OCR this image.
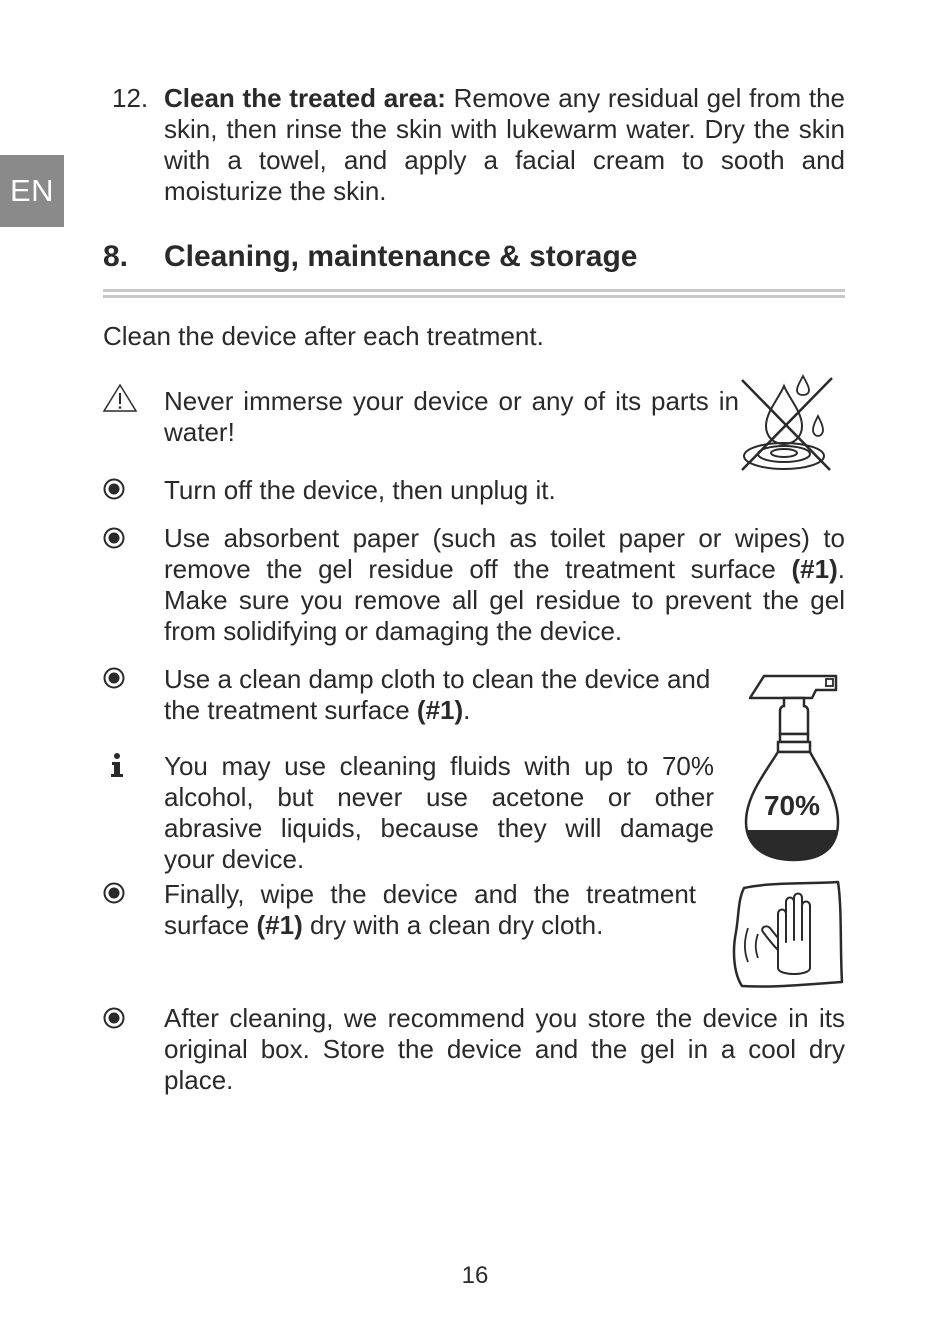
EN
12. Clean the treated area: Remove any residual gel from the skin, then rinse the skin with lukewarm water. Dry the skin with a towel, and apply a facial cream to sooth and moisturize the skin.
8. Cleaning, maintenance & storage
Clean the device after each treatment.
Never immerse your device or any of its parts in water!
Turn off the device, then unplug it.
Use absorbent paper (such as toilet paper or wipes) to remove the gel residue off the treatment surface (#1). Make sure you remove all gel residue to prevent the gel from solidifying or damaging the device.
Use a clean damp cloth to clean the device and the treatment surface (#1).
You may use cleaning fluids with up to 70% alcohol, but never use acetone or other abrasive liquids, because they will damage your device.
70%
Finally, wipe the device and the treatment surface (#1) dry with a clean dry cloth.
After cleaning, we recommend you store the device in its original box. Store the device and the gel in a cool dry place.
16
